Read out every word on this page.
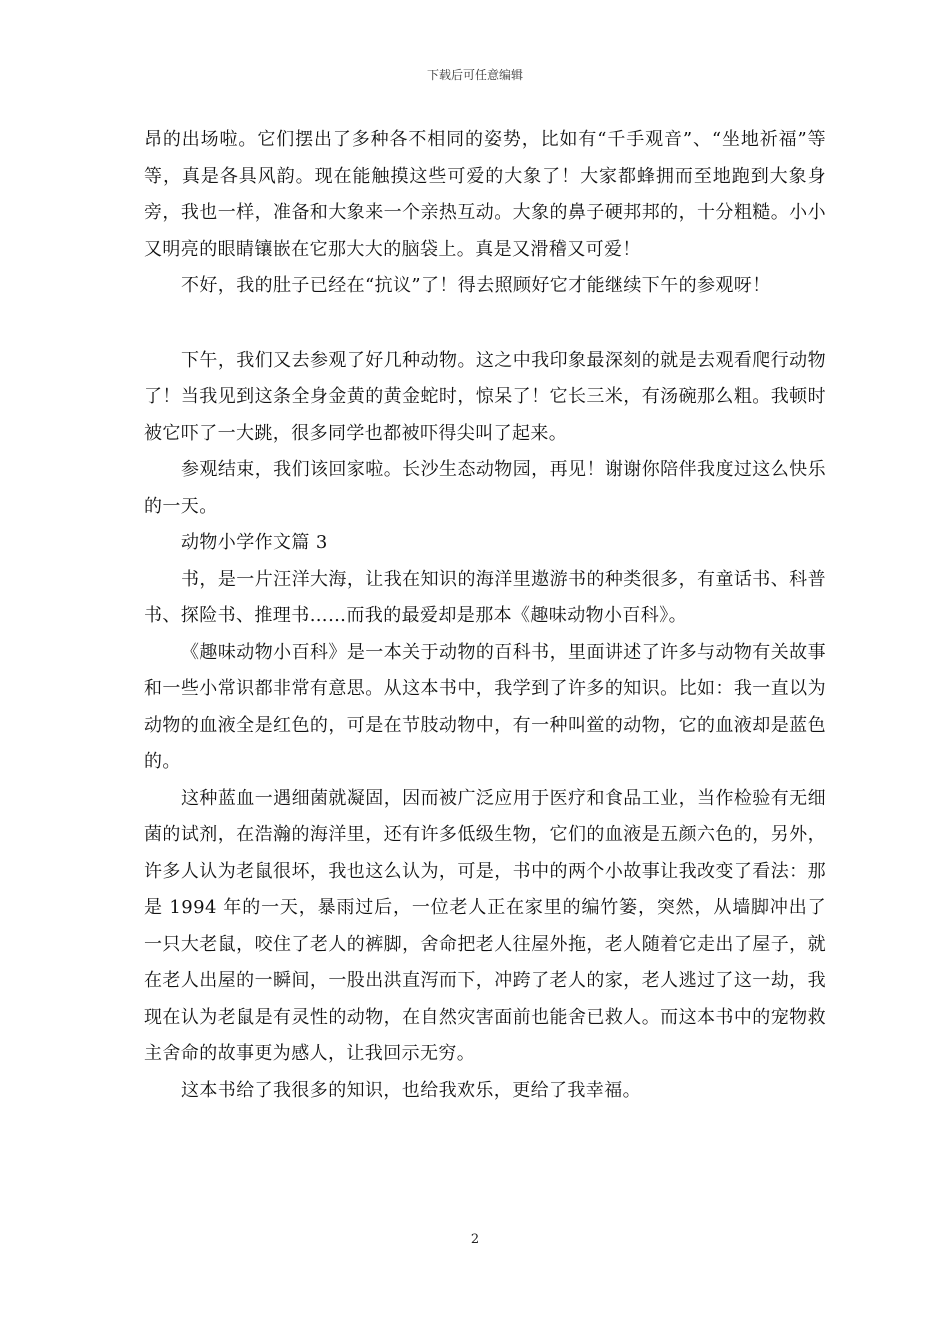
下载后可任意编辑

昂的出场啦。它们摆出了多种各不相同的姿势，比如有“千手观音”、“坐地祈福”等等，真是各具风韵。现在能触摸这些可爱的大象了！大家都蜂拥而至地跑到大象身旁，我也一样，准备和大象来一个亲热互动。大象的鼻子硬邦邦的，十分粗糙。小小又明亮的眼睛镶嵌在它那大大的脑袋上。真是又滑稽又可爱！

不好，我的肚子已经在“抗议”了！得去照顾好它才能继续下午的参观呀！

下午，我们又去参观了好几种动物。这之中我印象最深刻的就是去观看爬行动物了！当我见到这条全身金黄的黄金蛇时，惊呆了！它长三米，有汤碗那么粗。我顿时被它吓了一大跳，很多同学也都被吓得尖叫了起来。

参观结束，我们该回家啦。长沙生态动物园，再见！谢谢你陪伴我度过这么快乐的一天。

动物小学作文篇 3

书，是一片汪洋大海，让我在知识的海洋里遨游书的种类很多，有童话书、科普书、探险书、推理书……而我的最爱却是那本《趣味动物小百科》。

《趣味动物小百科》是一本关于动物的百科书，里面讲述了许多与动物有关故事和一些小常识都非常有意思。从这本书中，我学到了许多的知识。比如：我一直以为动物的血液全是红色的，可是在节肢动物中，有一种叫鲎的动物，它的血液却是蓝色的。

这种蓝血一遇细菌就凝固，因而被广泛应用于医疗和食品工业，当作检验有无细菌的试剂，在浩瀚的海洋里，还有许多低级生物，它们的血液是五颜六色的，另外，许多人认为老鼠很坏，我也这么认为，可是，书中的两个小故事让我改变了看法：那是 1994 年的一天，暴雨过后，一位老人正在家里的编竹篓，突然，从墙脚冲出了一只大老鼠，咬住了老人的裤脚，舍命把老人往屋外拖，老人随着它走出了屋子，就在老人出屋的一瞬间，一股出洪直泻而下，冲跨了老人的家，老人逃过了这一劫，我现在认为老鼠是有灵性的动物，在自然灾害面前也能舍已救人。而这本书中的宠物救主舍命的故事更为感人，让我回示无穷。

这本书给了我很多的知识，也给我欢乐，更给了我幸福。

2
